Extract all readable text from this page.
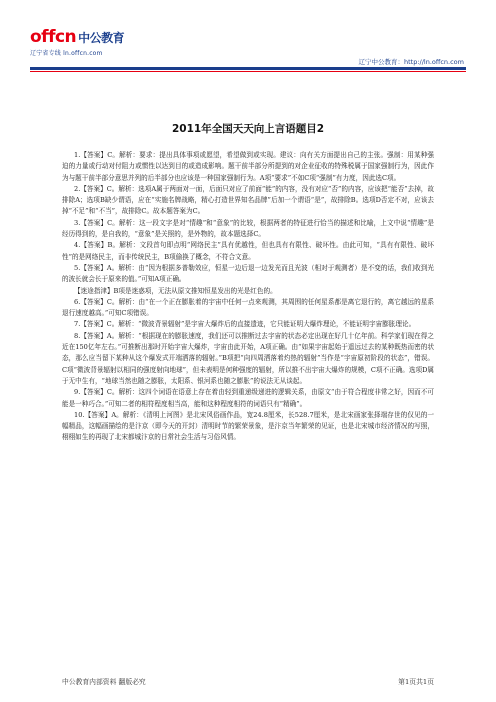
offcn 中公教育
辽宁省专线 ln.offcn.com
辽宁中公教育：http://ln.offcn.com
2011年全国天天向上言语题目2

1.【答案】C。解析：要求：提出具体事项或愿望，希望做到或实现。建议：向有关方面提出自己的主张。强制：用某种强迫的力量或行动对付阻力或惯性以达到目的或造成影响。题干前半部分所提到的对企业征收的特殊税属于国家强制行为，因此作为与题干前半部分意思并列的后半部分也应该是一种国家强制行为。A项“要求”不如C项“强制”有力度，因此选C项。

2.【答案】C。解析：选项A属于两面对一面，后面只对应了前面“能”的内容，没有对应“否”的内容，应该把“能否”去掉，故排除A；选项B缺少谓语，应在“实施名牌战略，精心打造世界知名品牌”后加一个谓语“是”，故排除B。选项D否定不对，应该去掉“不足”和“不当”，故排除C。故本题答案为C。

3.【答案】C。解析：这一段文字是对“情趣”和“意象”的比较，根据两者的特征进行恰当的描述和比喻，上文中说“情趣”是经历得到的，是自我的，“意象”是关照的，是外物的，故本题选择C。

4.【答案】B。解析：文段首句即点明“网络民主”具有优越性，但也具有有限性、破坏性。由此可知，“具有有限性、破坏性”的是网络民主，而非传统民主，B项偷换了概念，不符合文意。

5.【答案】A。解析：由“因为根据多普勒效应，恒星一边后退一边发光而且光波（相对于观测者）是不变的话，我们收到光的波长就会长于原来的值。”可知A项正确。

【迷途指津】B项是迷惑项，无法从原文推知恒星发出的光是红色的。

6.【答案】C。解析：由“在一个正在膨胀着的宇宙中任何一点来观测，其周围的任何星系都是离它退行的，离它越远的星系退行速度越高。”可知C项错误。

7.【答案】C。解析：“微波背景辐射”是宇宙大爆炸后的直接遗迹，它只能证明大爆炸理论，不能证明宇宙膨胀理论。

8.【答案】A。解析：“根据现在的膨胀速度，我们还可以推断过去宇宙的状态必定出现在好几十亿年前。科学家们现在得之近在150亿年左右。”可推断出那时开始宇宙大爆炸，宇宙由此开始，A项正确。由“如果宇宙起始于遥远过去的某种既热而密的状态，那么应当留下某种从这个爆发式开端洒落的辐射。”B项把“向四周洒落着灼热的辐射”当作是“宇宙原初阶段的状态”，错误。C项“微波背景辐射以相同的强度射向地球”，但未表明是何种强度的辐射，所以推不出宇宙大爆炸的规模，C项不正确。选项D属于无中生有，“地球当然也随之膨胀，太阳系、银河系也随之膨胀”的说法无从谈起。

9.【答案】C。解析：这四个词语在语意上存在着由轻到重递级递进的逻辑关系，由原文“由于符合程度非常之好，因而不可能是一种巧合。”可知二者的相符程度相当高，能和这种程度相符的词语只有“精确”。

10.【答案】A。解析：《清明上河图》是北宋风俗画作品，宽24.8厘米，长528.7厘米，是北宋画家张择端存世的仅见的一幅精品，这幅画描绘的是汴京（即今天的开封）清明时节的繁荣景象，是汴京当年繁荣的见证，也是北宋城市经济情况的写照，栩栩如生的再现了北宋都城汴京的日常社会生活与习俗风情。

中公教育内部资料 翻版必究	第1页共1页
